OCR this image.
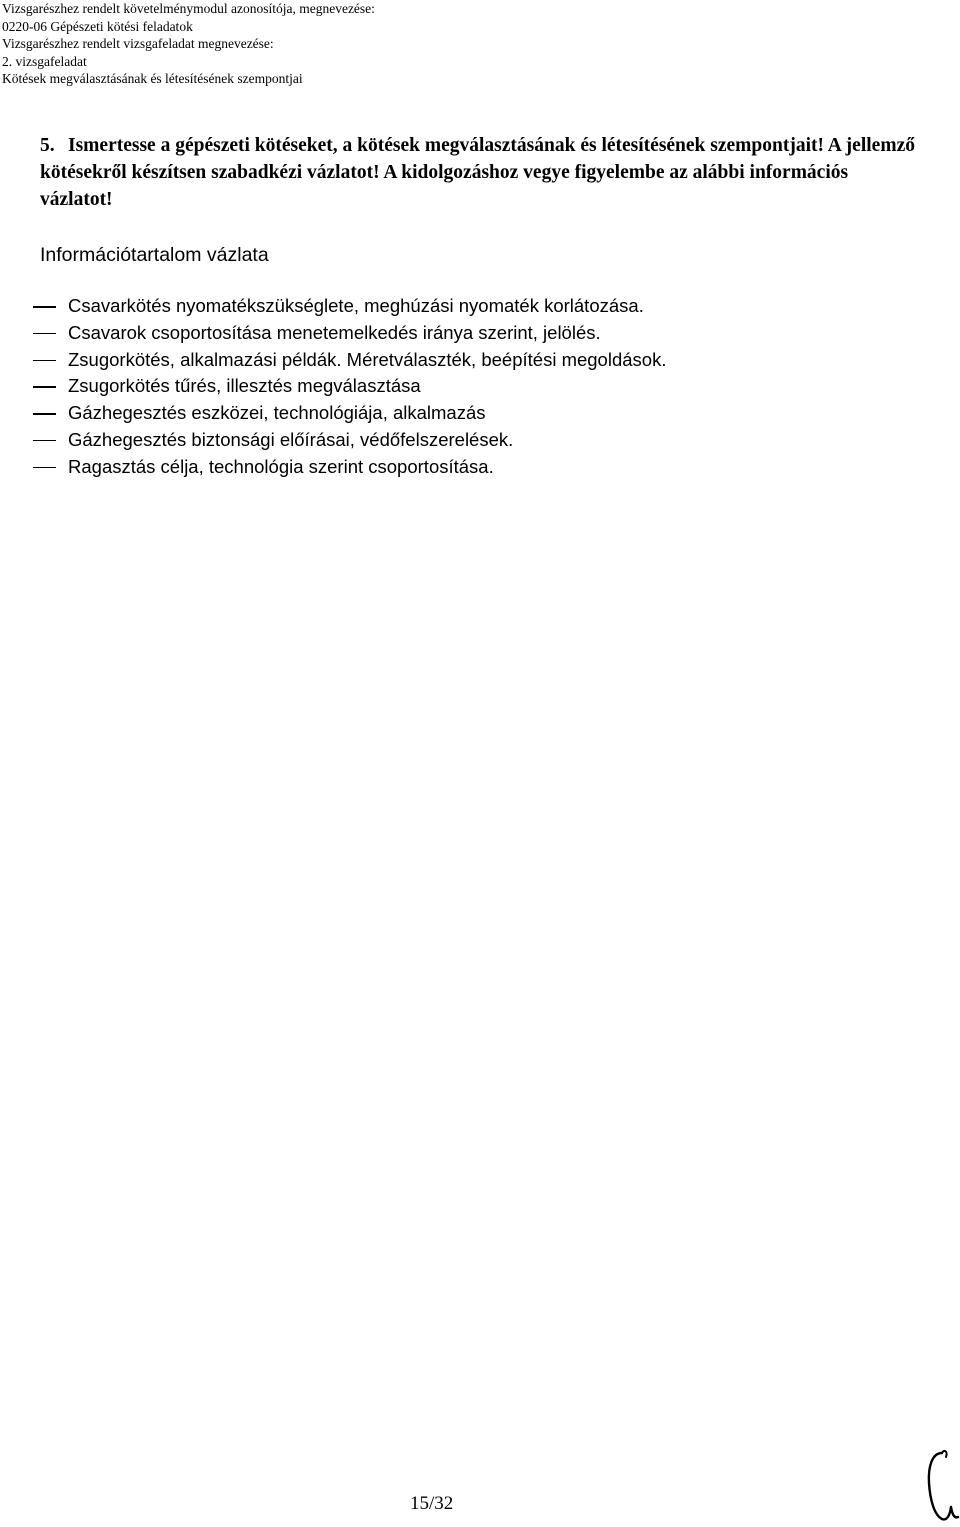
Vizsgarészhez rendelt követelménymodul azonosítója, megnevezése:
0220-06 Gépészeti kötési feladatok
Vizsgarészhez rendelt vizsgafeladat megnevezése:
2. vizsgafeladat
Kötések megválasztásának és létesítésének szempontjai

5. Ismertesse a gépészeti kötéseket, a kötések megválasztásának és létesítésének szempontjait! A jellemző kötésekről készítsen szabadkézi vázlatot! A kidolgozáshoz vegye figyelembe az alábbi információs vázlatot!

Információtartalom vázlata

Csavarkötés nyomatékszükséglete, meghúzási nyomaték korlátozása.
Csavarok csoportosítása menetemelkedés iránya szerint, jelölés.
Zsugorkötés, alkalmazási példák. Méretválaszték, beépítési megoldások.
Zsugorkötés tűrés, illesztés megválasztása
Gázhegesztés eszközei, technológiája, alkalmazás
Gázhegesztés biztonsági előírásai, védőfelszerelések.
Ragasztás célja, technológia szerint csoportosítása.
15/32
